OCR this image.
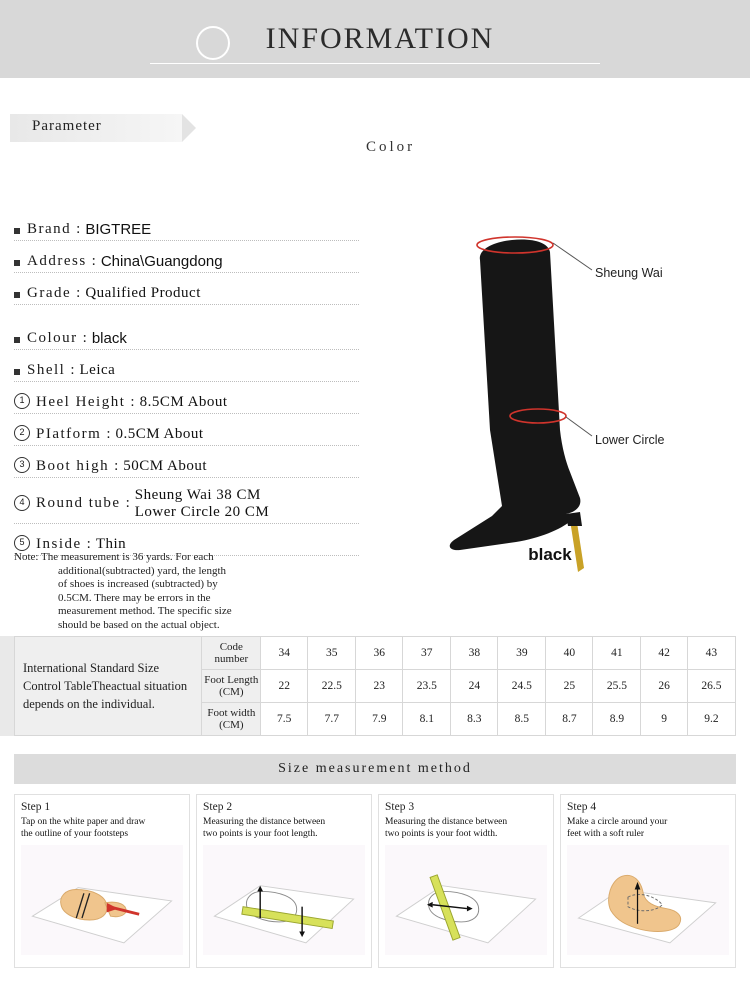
INFORMATION
Parameter
Color
Brand : BIGTREE
Address : China\Guangdong
Grade : Qualified Product
Colour : black
Shell : Leica
1 Heel Height : 8.5CM About
2 PIatform : 0.5CM About
3 Boot high : 50CM About
4 Round tube : Sheung Wai 38 CM
Lower Circle 20 CM
5 Inside : Thin

Note: The measurement is 36 yards. For each

additional(subtracted) yard, the length

of shoes is increased (subtracted) by

0.5CM. There may be errors in the

measurement method. The specific size

should be based on the actual object.

Sheung Wai
Lower Circle
black
International Standard Size
Control TableTheactual situation
depends on the individual.	Code number	34	35	36	37	38	39	40	41	42	43
	Foot Length (CM)	22	22.5	23	23.5	24	24.5	25	25.5	26	26.5
	Foot width (CM)	7.5	7.7	7.9	8.1	8.3	8.5	8.7	8.9	9	9.2
Size measurement method
Step 1
Tap on the white paper and draw
the outline of your footsteps
Step 2
Measuring the distance between
two points is your foot length.
Step 3
Measuring the distance between
two points is your foot width.
Step 4
Make a circle around your
feet with a soft ruler
